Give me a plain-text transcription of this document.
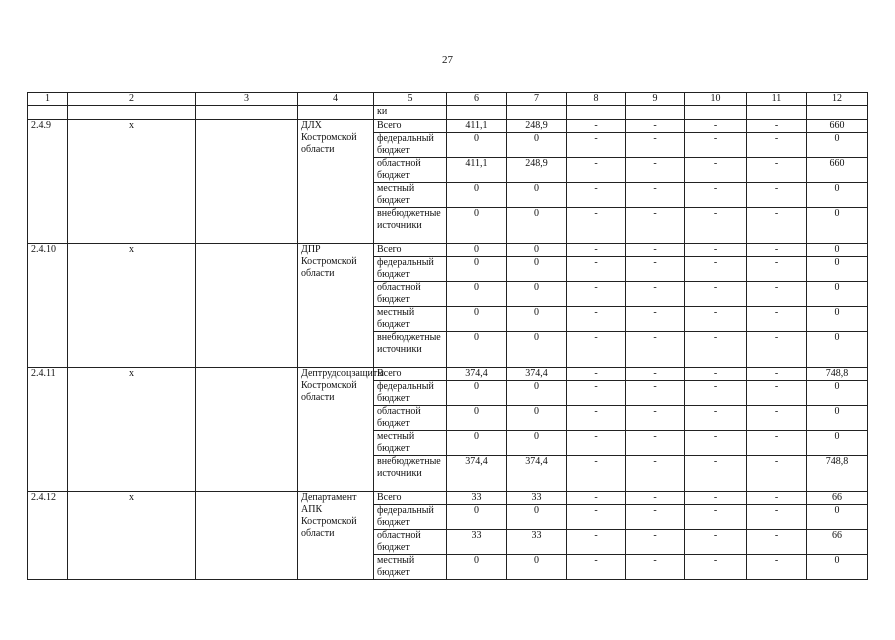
27
1	2	3	4	5	6	7	8	9	10	11	12
				ки							
2.4.9	x		ДЛХ Костромской области	Всего	411,1	248,9	-	-	-	-	660
				федеральный бюджет	0	0	-	-	-	-	0
				областной бюджет	411,1	248,9	-	-	-	-	660
				местный бюджет	0	0	-	-	-	-	0
				внебюджетные источники	0	0	-	-	-	-	0
2.4.10	x		ДПР Костромской области	Всего	0	0	-	-	-	-	0
				федеральный бюджет	0	0	-	-	-	-	0
				областной бюджет	0	0	-	-	-	-	0
				местный бюджет	0	0	-	-	-	-	0
				внебюджетные источники	0	0	-	-	-	-	0
2.4.11	x		Дептрудсоцзащиты Костромской области	Всего	374,4	374,4	-	-	-	-	748,8
				федеральный бюджет	0	0	-	-	-	-	0
				областной бюджет	0	0	-	-	-	-	0
				местный бюджет	0	0	-	-	-	-	0
				внебюджетные источники	374,4	374,4	-	-	-	-	748,8
2.4.12	x		Департамент АПК Костромской области	Всего	33	33	-	-	-	-	66
				федеральный бюджет	0	0	-	-	-	-	0
				областной бюджет	33	33	-	-	-	-	66
				местный бюджет	0	0	-	-	-	-	0
